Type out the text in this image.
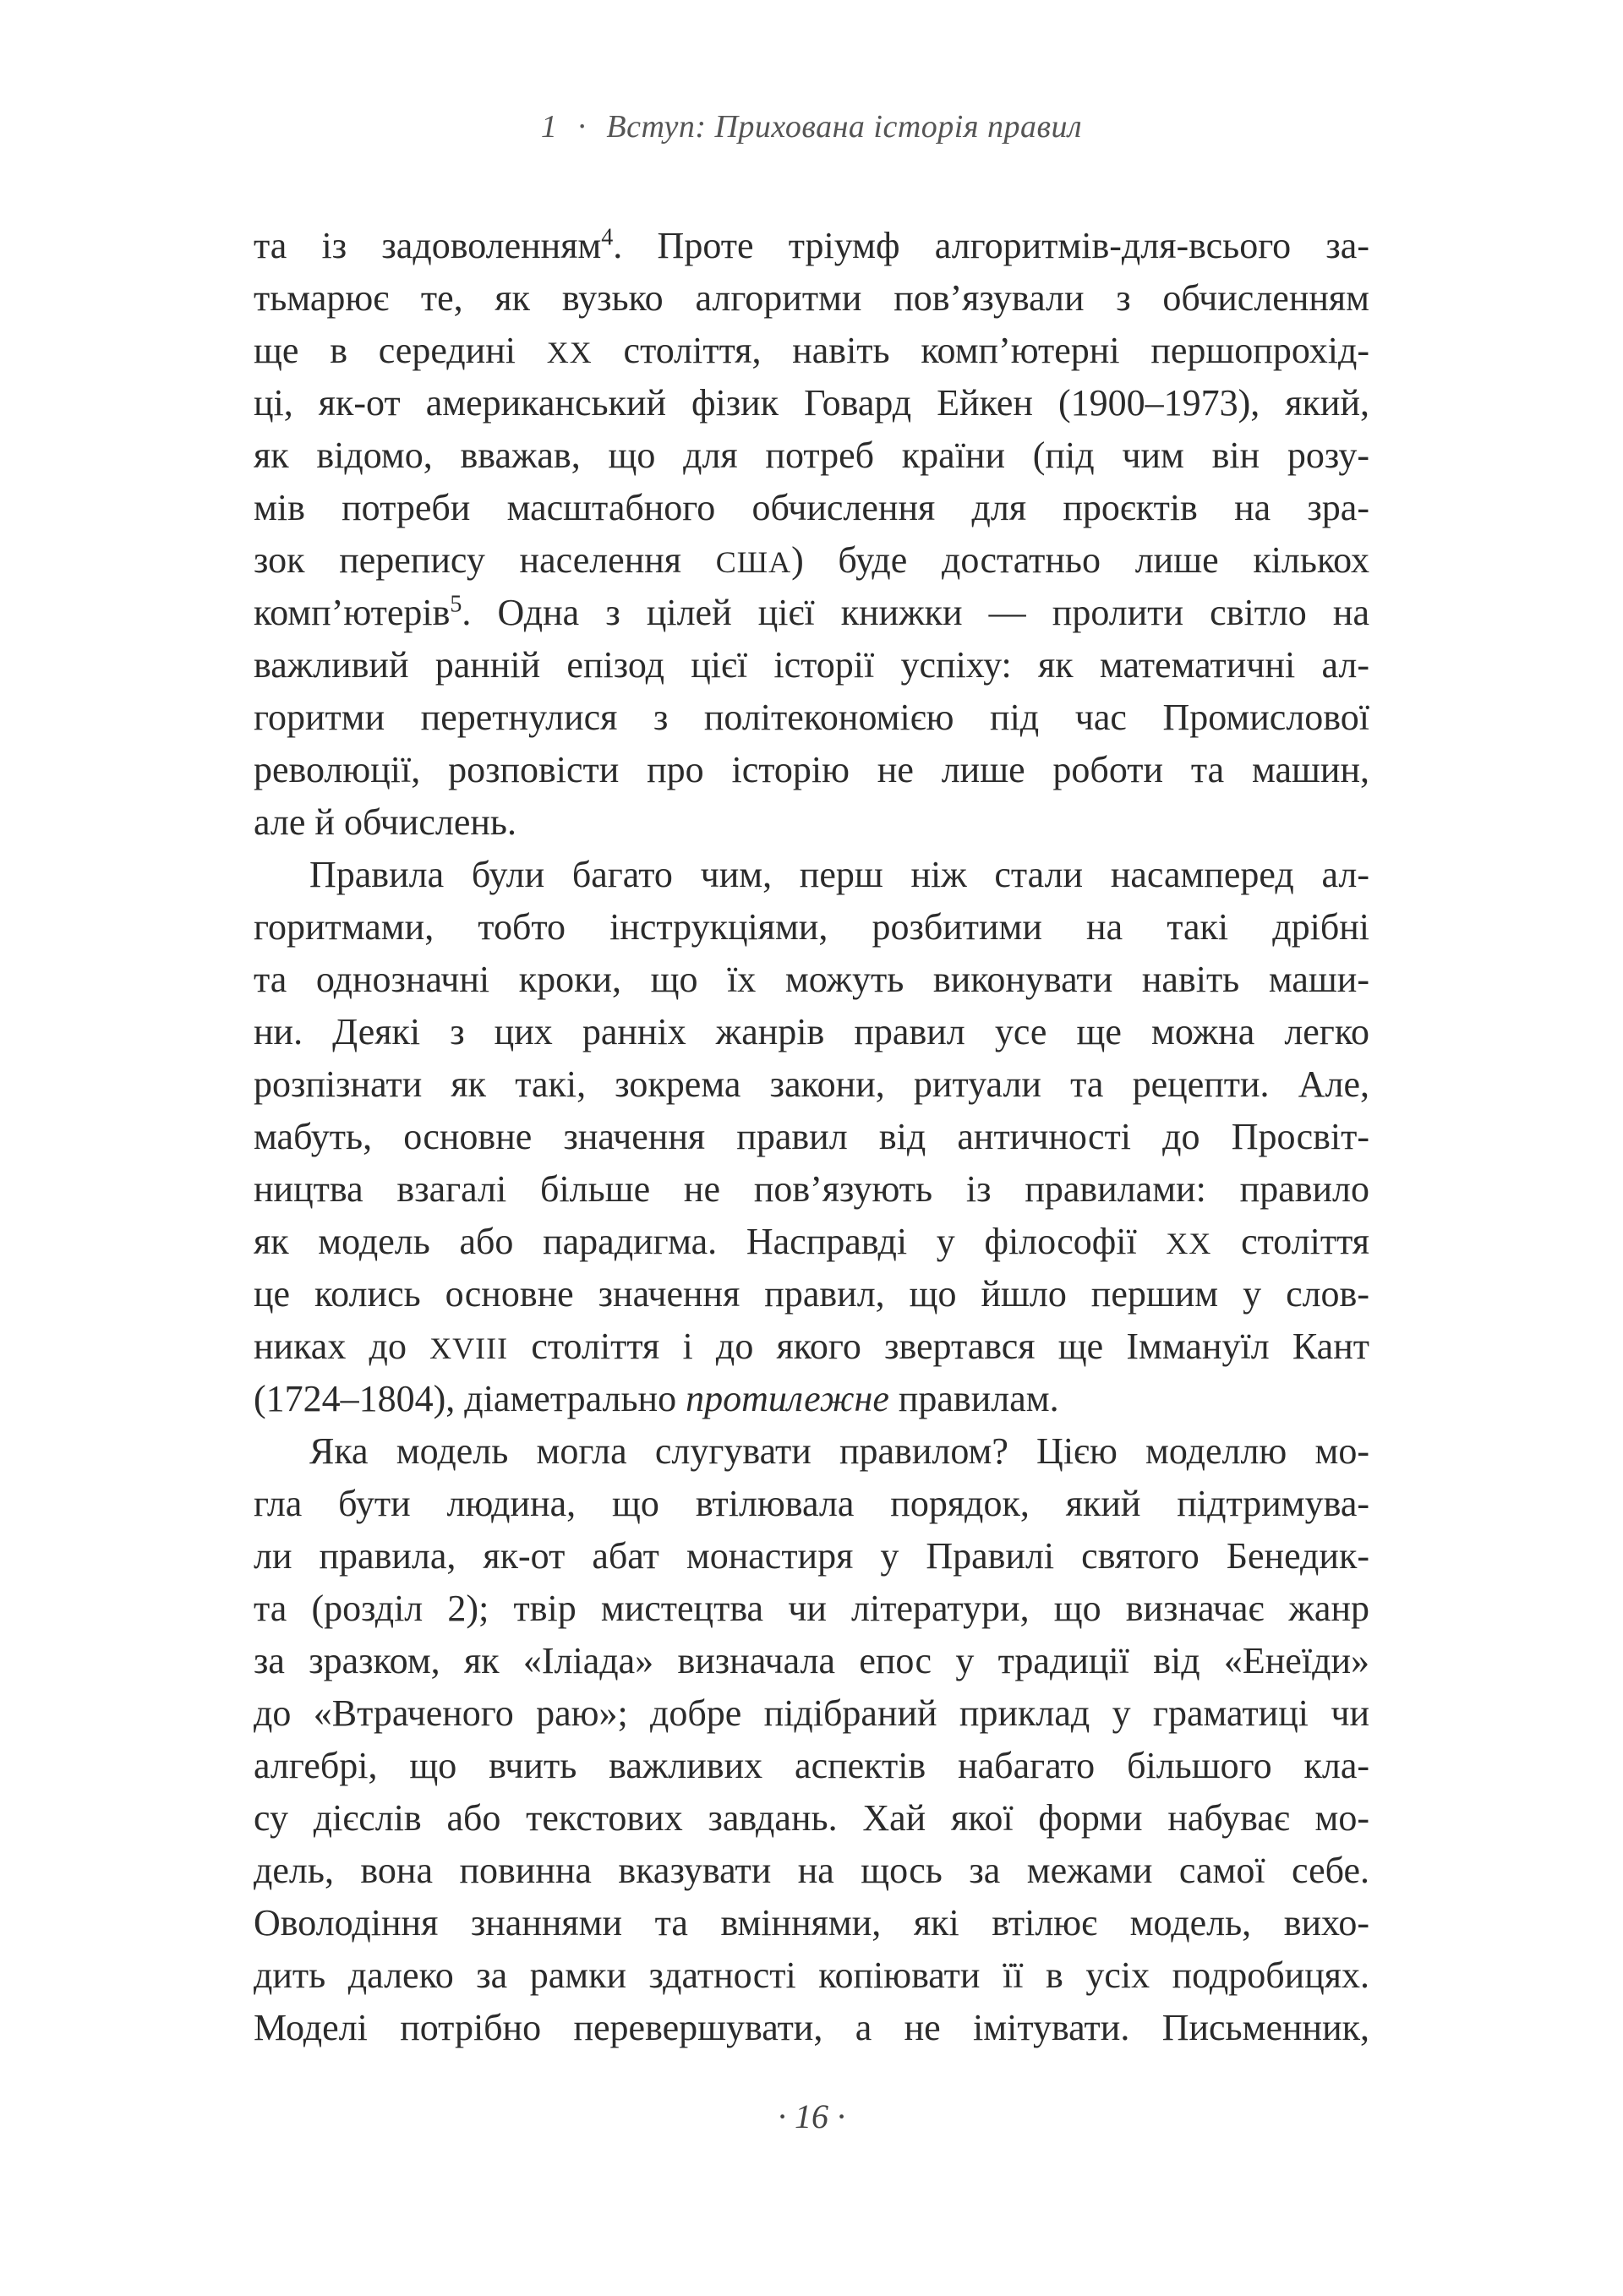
1 · Вступ: Прихована історія правил
та із задоволенням$^4$. Проте тріумф алгоритмів-для-всього за-
тьмарює те, як вузько алгоритми пов’язували з обчисленням
ще в середині XX століття, навіть комп’ютерні першопрохід-
ці, як-от американський фізик Говард Ейкен (1900–1973), який,
як відомо, вважав, що для потреб країни (під чим він розу-
мів потреби масштабного обчислення для проєктів на зра-
зок перепису населення США) буде достатньо лише кількох
комп’ютерів$^5$. Одна з цілей цієї книжки — пролити світло на
важливий ранній епізод цієї історії успіху: як математичні ал-
горитми перетнулися з політекономією під час Промислової
революції, розповісти про історію не лише роботи та машин,
але й обчислень.
Правила були багато чим, перш ніж стали насамперед ал-
горитмами, тобто інструкціями, розбитими на такі дрібні
та однозначні кроки, що їх можуть виконувати навіть маши-
ни. Деякі з цих ранніх жанрів правил усе ще можна легко
розпізнати як такі, зокрема закони, ритуали та рецепти. Але,
мабуть, основне значення правил від античності до Просвіт-
ництва взагалі більше не пов’язують із правилами: правило
як модель або парадигма. Насправді у філософії XX століття
це колись основне значення правил, що йшло першим у слов-
никах до XVIII століття і до якого звертався ще Іммануїл Кант
(1724–1804), діаметрально протилежне правилам.
Яка модель могла слугувати правилом? Цією моделлю мо-
гла бути людина, що втілювала порядок, який підтримува-
ли правила, як-от абат монастиря у Правилі святого Бенедик-
та (розділ 2); твір мистецтва чи літератури, що визначає жанр
за зразком, як «Іліада» визначала епос у традиції від «Енеїди»
до «Втраченого раю»; добре підібраний приклад у граматиці чи
алгебрі, що вчить важливих аспектів набагато більшого кла-
су дієслів або текстових завдань. Хай якої форми набуває мо-
дель, вона повинна вказувати на щось за межами самої себе.
Оволодіння знаннями та вміннями, які втілює модель, вихо-
дить далеко за рамки здатності копіювати її в усіх подробицях.
Моделі потрібно перевершувати, а не імітувати. Письменник,
· 16 ·
